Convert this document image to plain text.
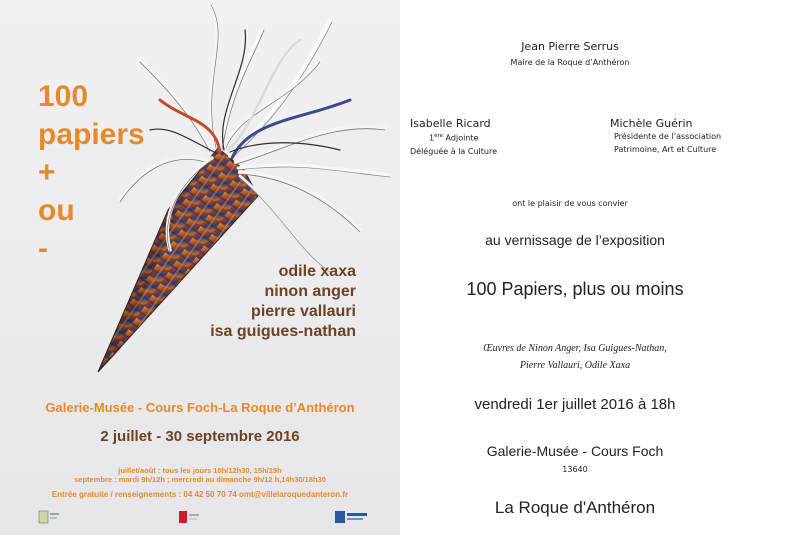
100
papiers
+
ou
-
odile xaxa
ninon anger
pierre vallauri
isa guigues-nathan
Galerie-Musée - Cours Foch-La Roque d’Anthéron
2 juillet - 30 septembre 2016
juillet/août : tous les jours 10h/12h30, 15h/19h
septembre : mardi 9h/12h ; mercredi au dimanche 9h/12 h,14h30/18h30
Entrée gratuite / renseignements : 04 42 50 70 74 omt@villelaroquedanteron.fr
Jean Pierre Serrus
Maire de la Roque d’Anthéron
Isabelle Ricard
1ère Adjointe
Déléguée à la Culture
Michèle Guérin
Présidente de l’association
Patrimoine, Art et Culture
ont le plaisir de vous convier
au vernissage de l’exposition
100 Papiers, plus ou moins
Œuvres de Ninon Anger, Isa Guigues-Nathan,
Pierre Vallauri, Odile Xaxa
vendredi 1er juillet 2016 à 18h
Galerie-Musée - Cours Foch
13640
La Roque d'Anthéron
